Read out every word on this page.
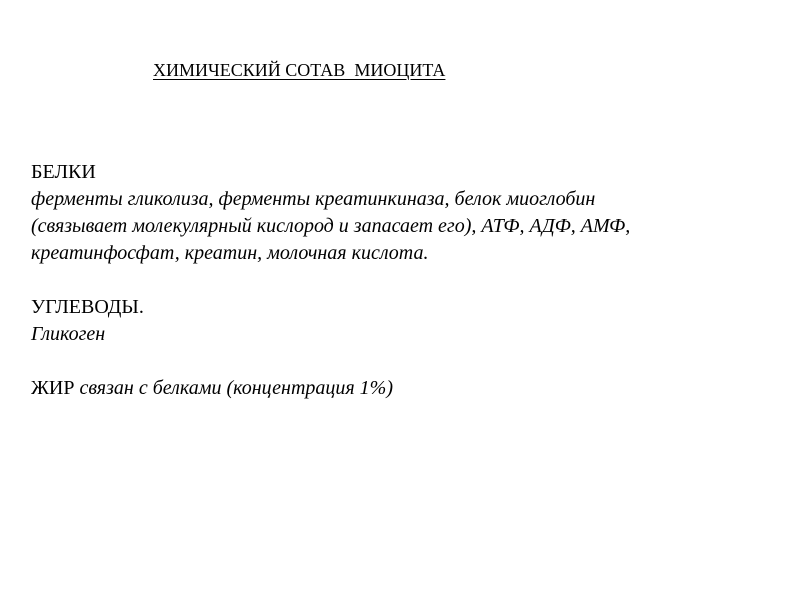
ХИМИЧЕСКИЙ СОТАВ  МИОЦИТА
БЕЛКИ
ферменты гликолиза, ферменты креатинкиназа, белок миоглобин
(связывает молекулярный кислород и запасает его), АТФ, АДФ, АМФ,
креатинфосфат, креатин, молочная кислота.
УГЛЕВОДЫ.
Гликоген
ЖИР связан с белками (концентрация 1%)
